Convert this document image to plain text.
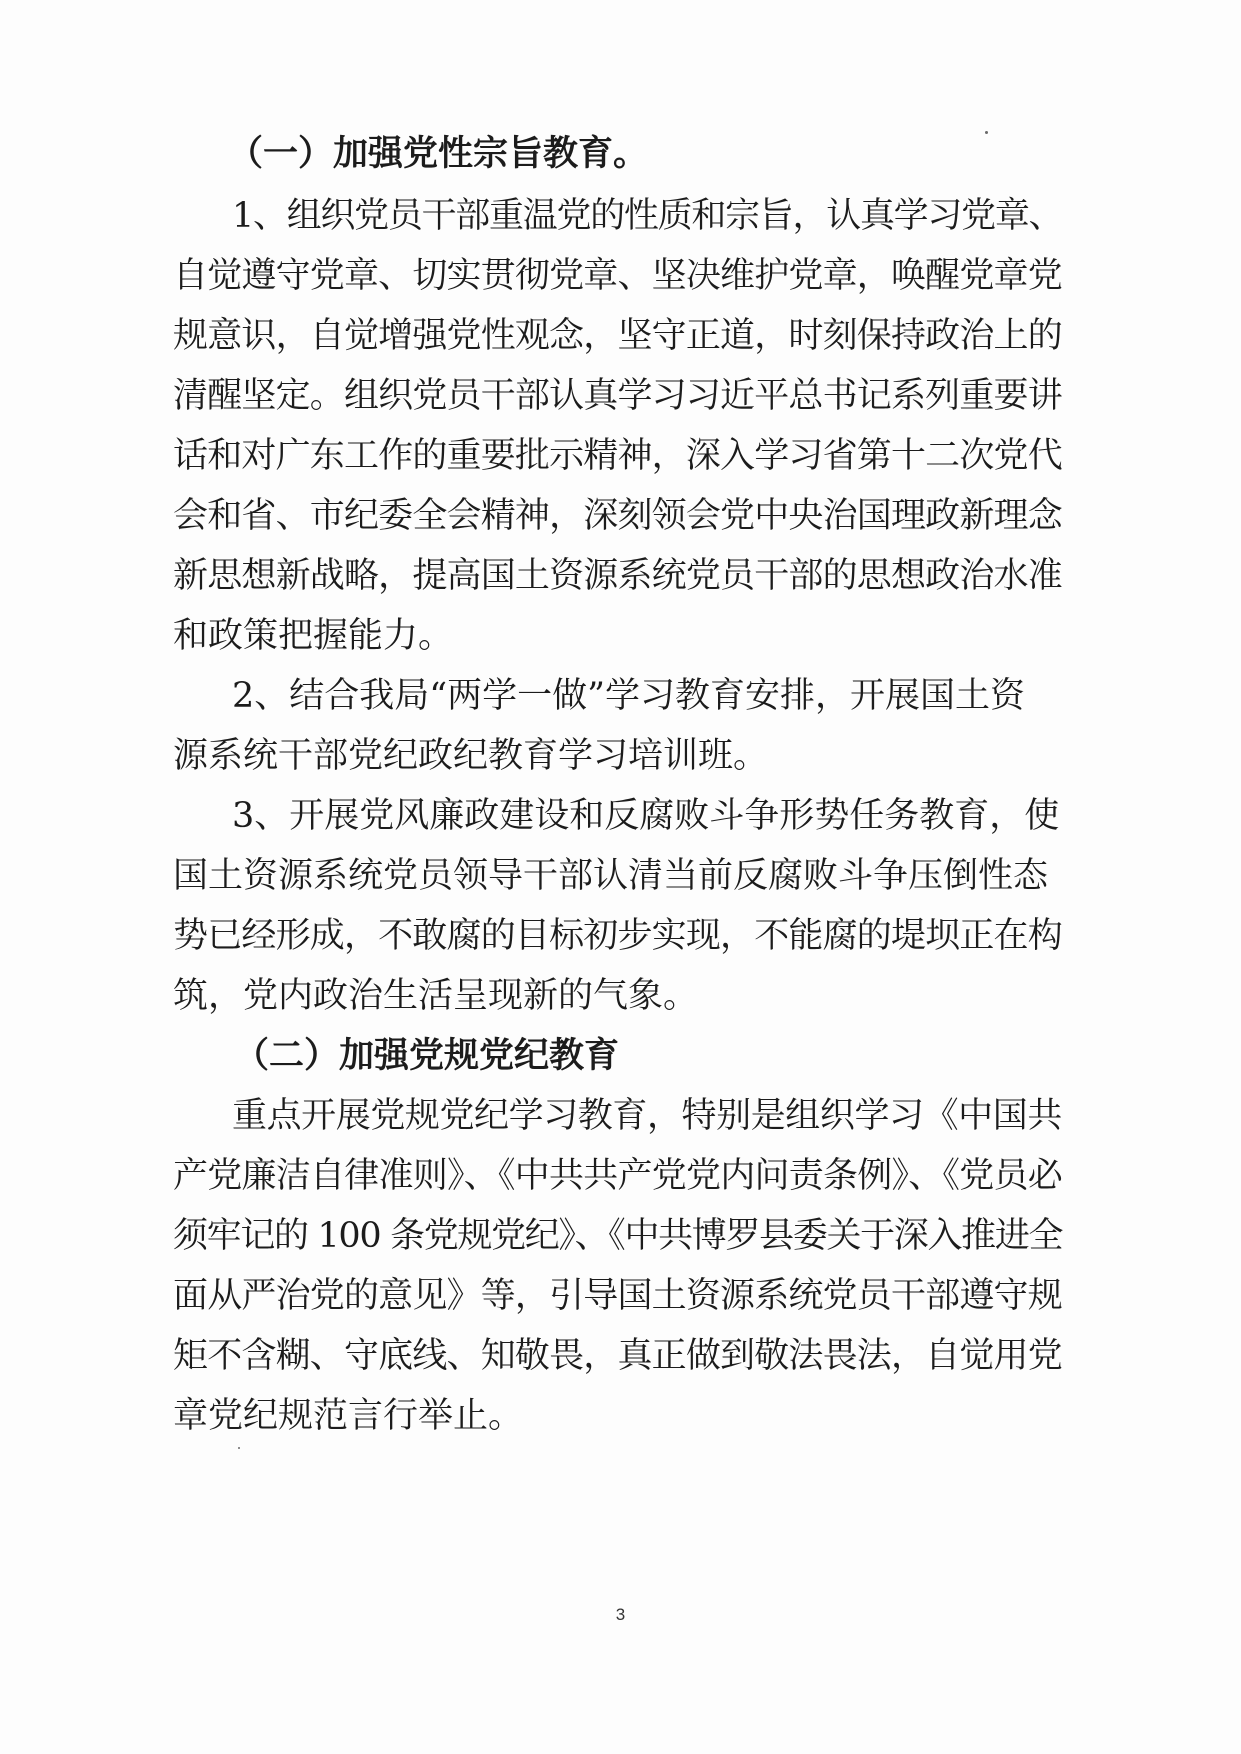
（一）加强党性宗旨教育。
1、组织党员干部重温党的性质和宗旨，认真学习党章、
自觉遵守党章、切实贯彻党章、坚决维护党章，唤醒党章党
规意识，自觉增强党性观念，坚守正道，时刻保持政治上的
清醒坚定。组织党员干部认真学习习近平总书记系列重要讲
话和对广东工作的重要批示精神，深入学习省第十二次党代
会和省、市纪委全会精神，深刻领会党中央治国理政新理念
新思想新战略，提高国土资源系统党员干部的思想政治水准
和政策把握能力。
2、结合我局“两学一做”学习教育安排，开展国土资
源系统干部党纪政纪教育学习培训班。
3、开展党风廉政建设和反腐败斗争形势任务教育，使
国土资源系统党员领导干部认清当前反腐败斗争压倒性态
势已经形成，不敢腐的目标初步实现，不能腐的堤坝正在构
筑，党内政治生活呈现新的气象。
（二）加强党规党纪教育
重点开展党规党纪学习教育，特别是组织学习《中国共
产党廉洁自律准则》、《中共共产党党内问责条例》、《党员必
须牢记的 100 条党规党纪》、《中共博罗县委关于深入推进全
面从严治党的意见》等，引导国土资源系统党员干部遵守规
矩不含糊、守底线、知敬畏，真正做到敬法畏法，自觉用党
章党纪规范言行举止。
3
